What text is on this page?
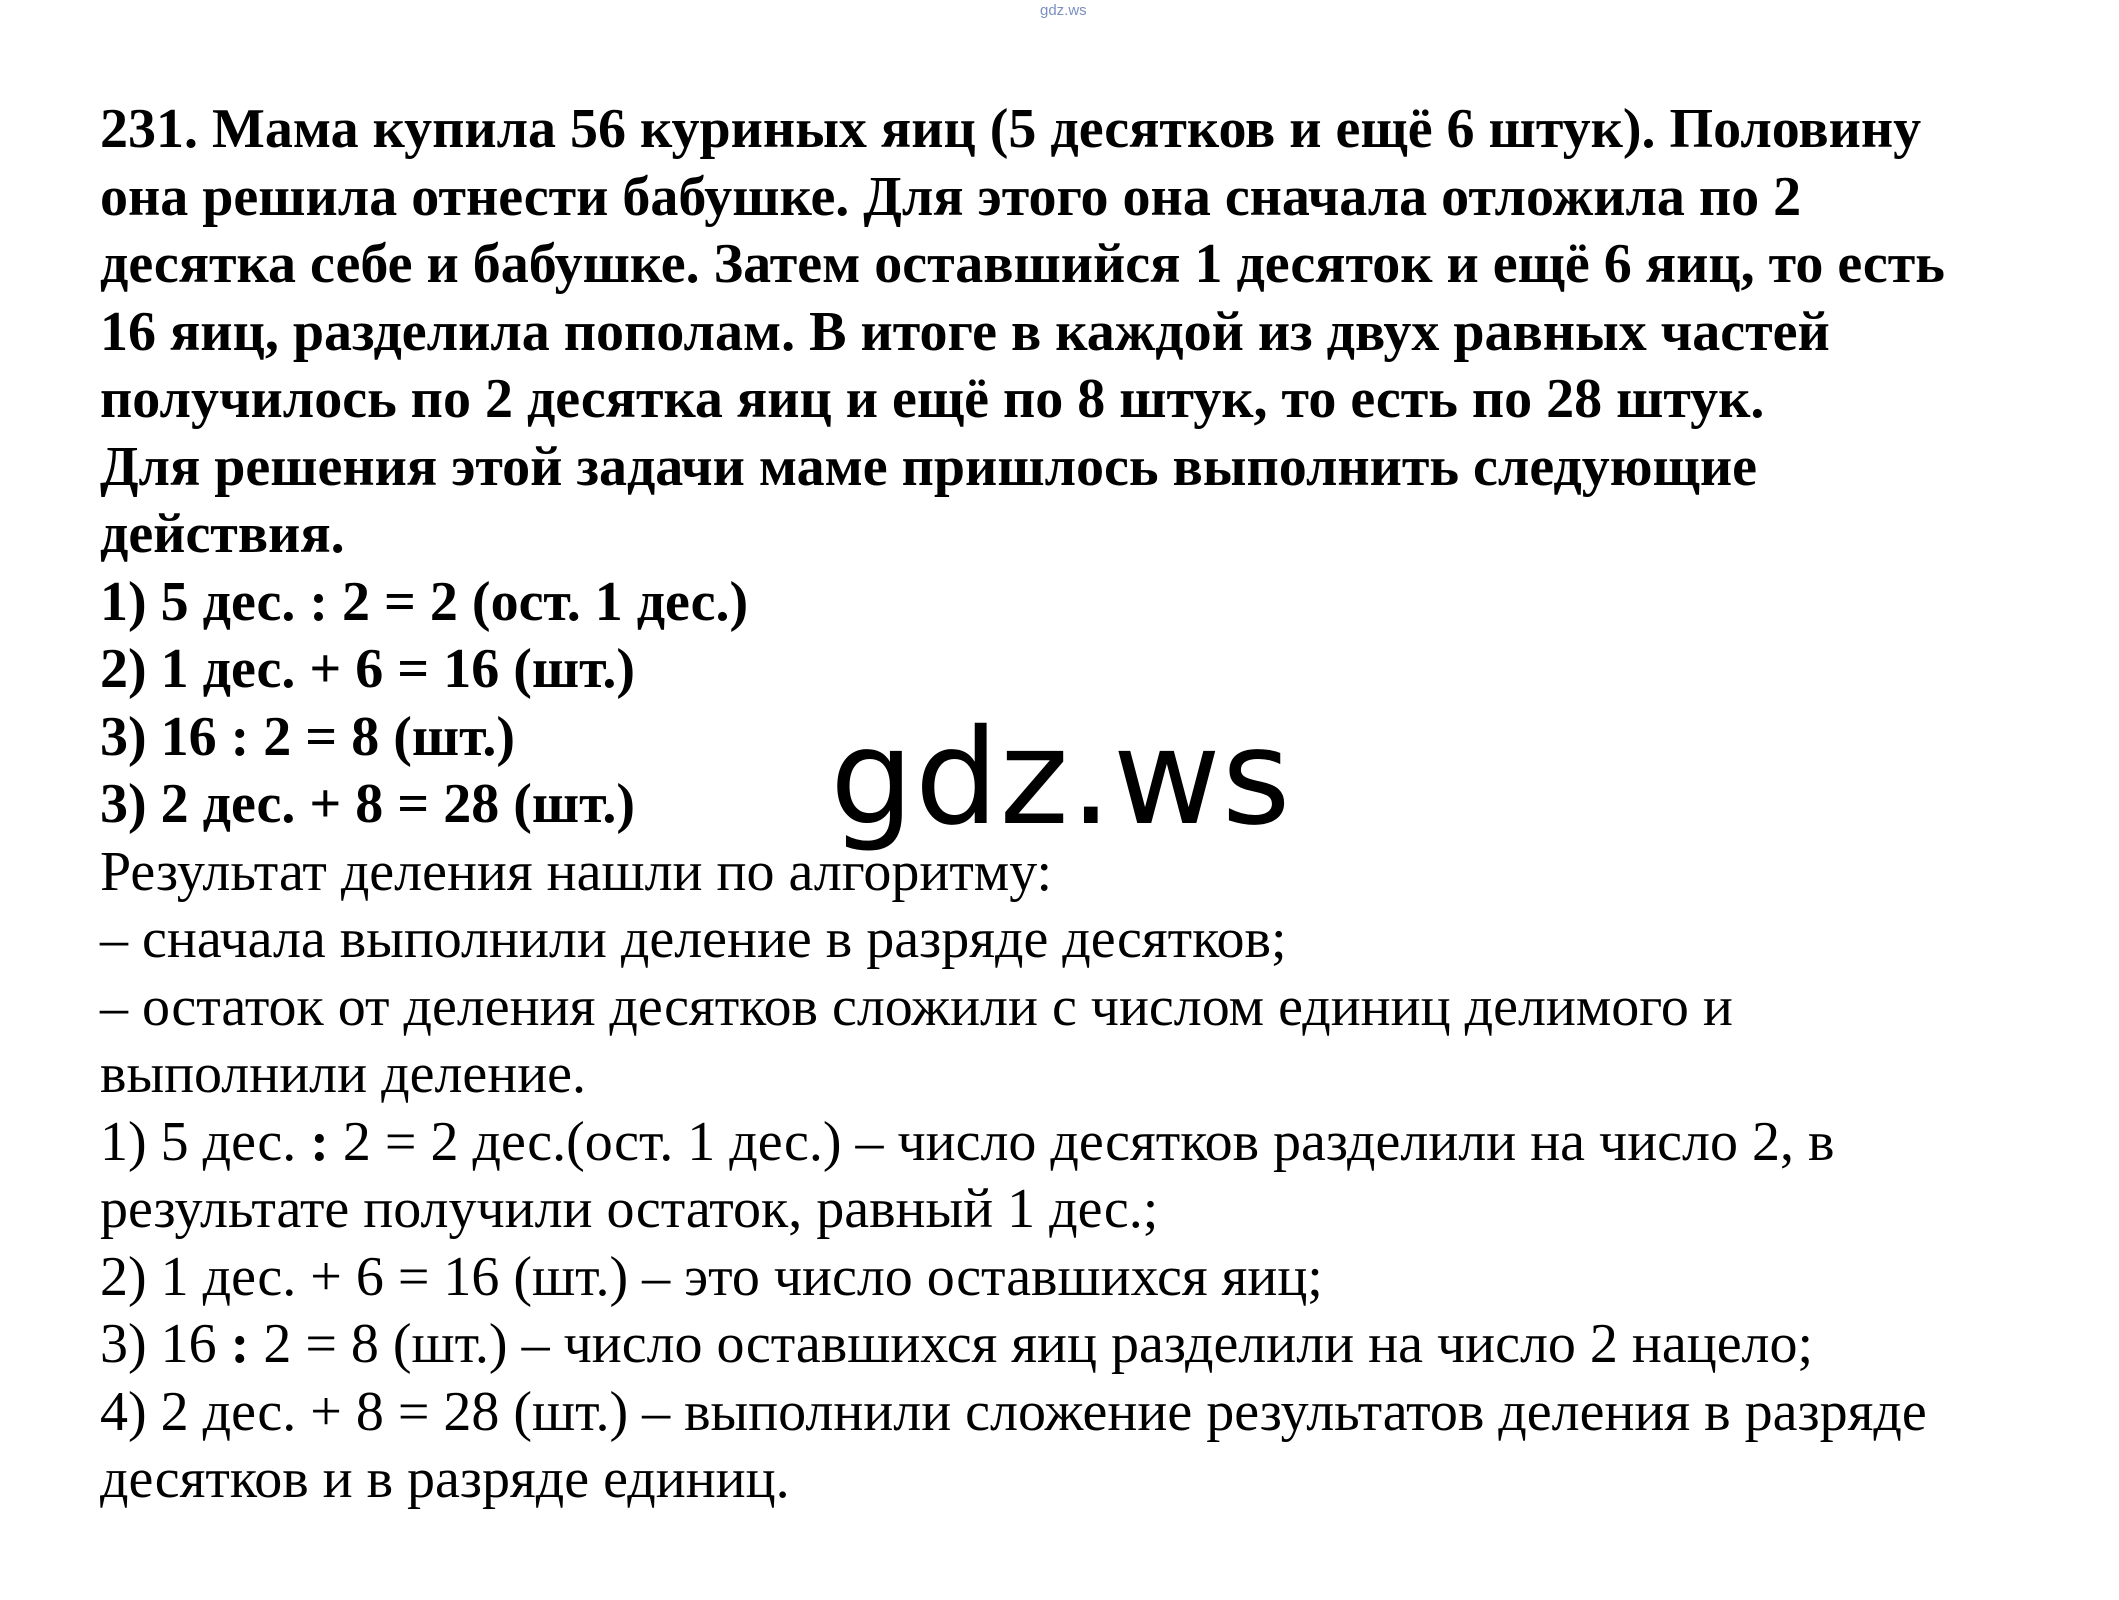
gdz.ws
231. Мама купила 56 куриных яиц (5 десятков и ещё 6 штук). Половину
она решила отнести бабушке. Для этого она сначала отложила по 2
десятка себе и бабушке. Затем оставшийся 1 десяток и ещё 6 яиц, то есть
16 яиц, разделила пополам. В итоге в каждой из двух равных частей
получилось по 2 десятка яиц и ещё по 8 штук, то есть по 28 штук.
Для решения этой задачи маме пришлось выполнить следующие
действия.
1) 5 дес. : 2 = 2 (ост. 1 дес.)
2) 1 дес. + 6 = 16 (шт.)
3) 16 : 2 = 8 (шт.)
3) 2 дес. + 8 = 28 (шт.)
Результат деления нашли по алгоритму:
– сначала выполнили деление в разряде десятков;
– остаток от деления десятков сложили с числом единиц делимого и
выполнили деление.
1) 5 дес. : 2 = 2 дес.(ост. 1 дес.) – число десятков разделили на число 2, в
результате получили остаток, равный 1 дес.;
2) 1 дес. + 6 = 16 (шт.) – это число оставшихся яиц;
3) 16 : 2 = 8 (шт.) – число оставшихся яиц разделили на число 2 нацело;
4) 2 дес. + 8 = 28 (шт.) – выполнили сложение результатов деления в разряде
десятков и в разряде единиц.
gdz.ws
